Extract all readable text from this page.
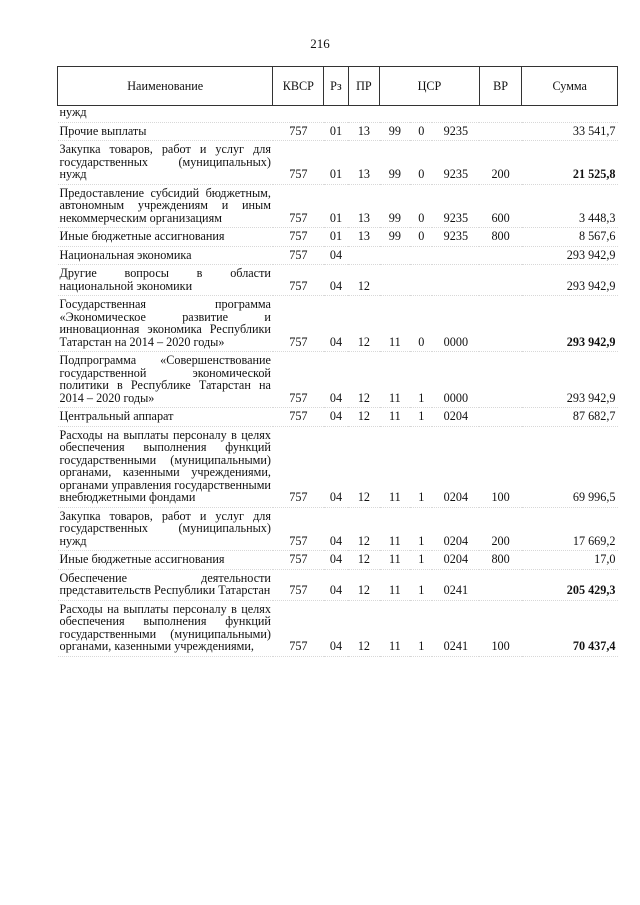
216
Наименование	КВСР	Рз	ПР	ЦСР			ВР	Сумма
нужд								
Прочие выплаты	757	01	13	99	0	9235		33 541,7
Закупка товаров, работ и услуг для государственных (муниципальных) нужд	757	01	13	99	0	9235	200	21 525,8
Предоставление субсидий бюджетным, автономным учреждениям и иным некоммерческим организациям	757	01	13	99	0	9235	600	3 448,3
Иные бюджетные ассигнования	757	01	13	99	0	9235	800	8 567,6
Национальная экономика	757	04						293 942,9
Другие вопросы в области национальной экономики	757	04	12					293 942,9
Государственная программа «Экономическое развитие и инновационная экономика Республики Татарстан на 2014 – 2020 годы»	757	04	12	11	0	0000		293 942,9
Подпрограмма «Совершенствование государственной экономической политики в Республике Татарстан на 2014 – 2020 годы»	757	04	12	11	1	0000		293 942,9
Центральный аппарат	757	04	12	11	1	0204		87 682,7
Расходы на выплаты персоналу в целях обеспечения выполнения функций государственными (муниципальными) органами, казенными учреждениями, органами управления государственными внебюджетными фондами	757	04	12	11	1	0204	100	69 996,5
Закупка товаров, работ и услуг для государственных (муниципальных) нужд	757	04	12	11	1	0204	200	17 669,2
Иные бюджетные ассигнования	757	04	12	11	1	0204	800	17,0
Обеспечение деятельности представительств Республики Татарстан	757	04	12	11	1	0241		205 429,3
Расходы на выплаты персоналу в целях обеспечения выполнения функций государственными (муниципальными) органами, казенными учреждениями,	757	04	12	11	1	0241	100	70 437,4
